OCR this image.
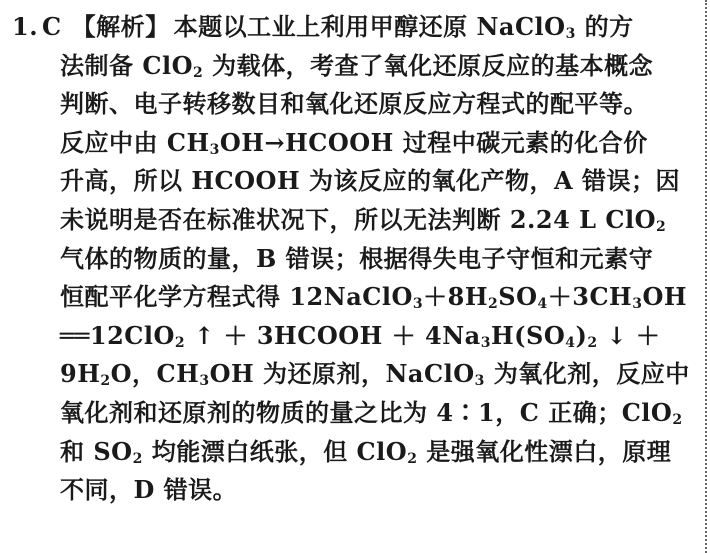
1. C 【解析】 本题以工业上利用甲醇还原 NaClO$_3$ 的方
法制备 ClO$_2$ 为载体，考查了氧化还原反应的基本概念
判断、电子转移数目和氧化还原反应方程式的配平等。
反应中由 $CH_3OH\to HCOOH$ 过程中碳元素的化合价
升高，所以 HCOOH 为该反应的氧化产物，A 错误；因
未说明是否在标准状况下，所以无法判断 2.24 L ClO$_2$
气体的物质的量，B 错误；根据得失电子守恒和元素守
恒配平化学方程式得 $12NaClO_3+8H_2SO_4+3CH_3OH$
══12ClO$_2$ ↑ ＋ 3HCOOH ＋ $4Na_3H(SO_4)_2$ ↓ ＋
$9H_2O$，$CH_3OH$ 为还原剂，NaClO$_3$ 为氧化剂，反应中
氧化剂和还原剂的物质的量之比为 4∶1，C 正确；ClO$_2$
和 $SO_2$ 均能漂白纸张，但 ClO$_2$ 是强氧化性漂白，原理
不同，D 错误。
